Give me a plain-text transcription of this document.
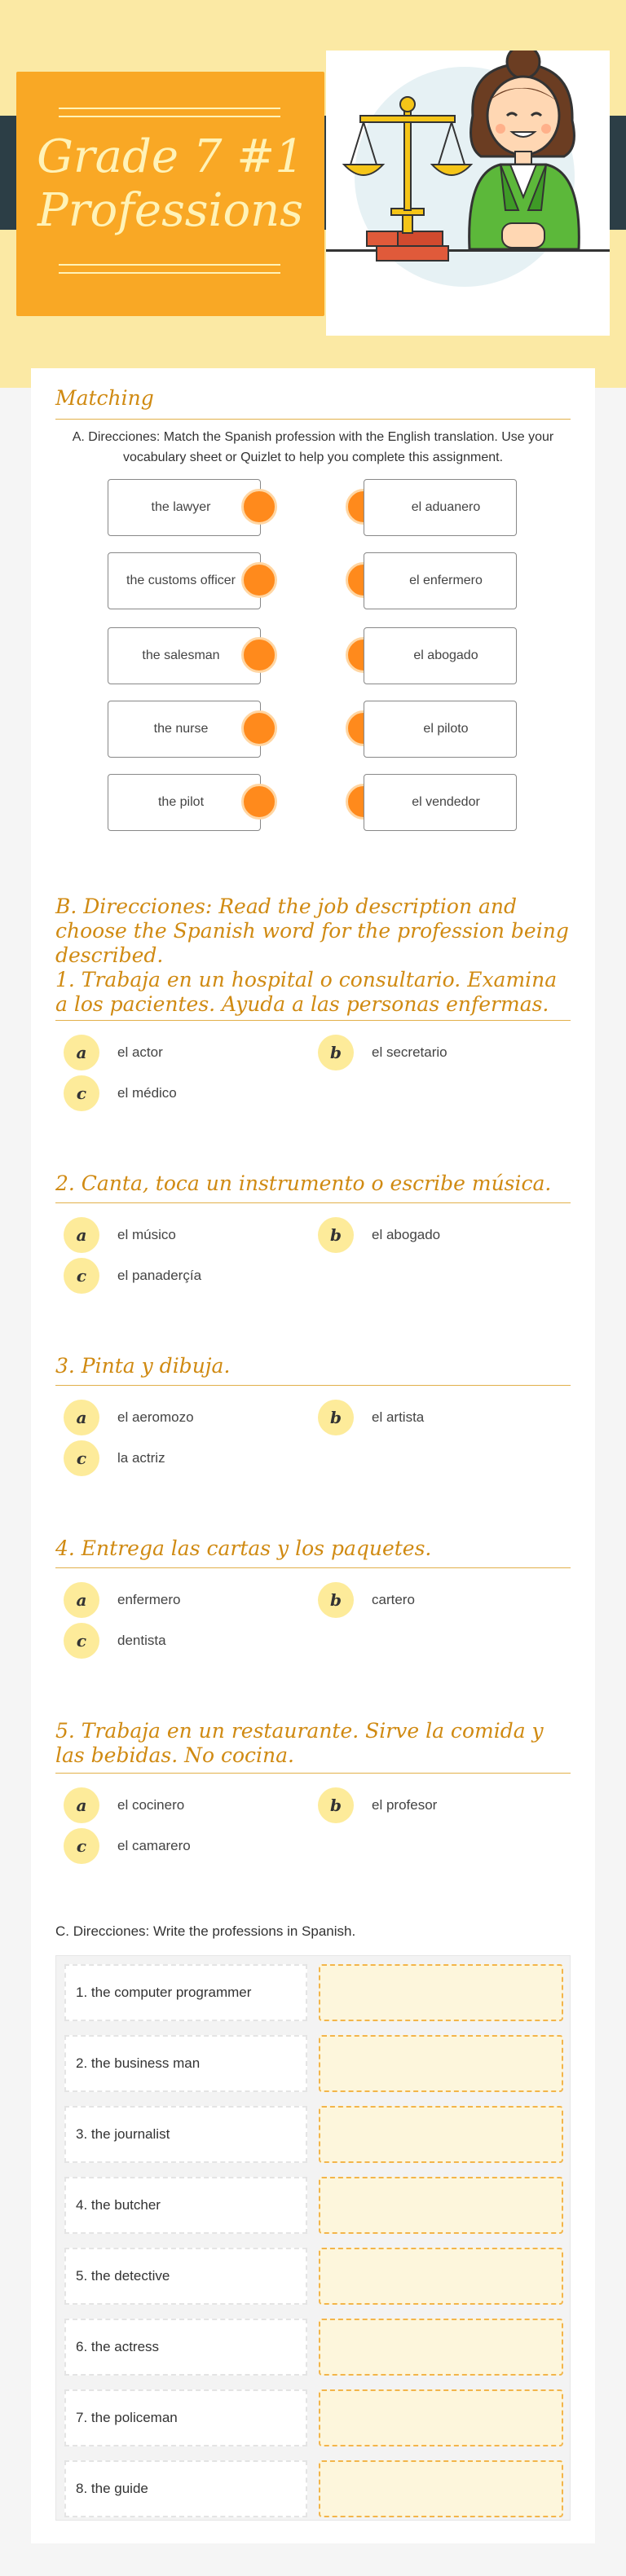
Grade 7 #1
Professions
Matching
A. Direcciones: Match the Spanish profession with the English translation. Use your vocabulary sheet or Quizlet to help you complete this assignment.
the lawyer	el aduanero
the customs officer	el enfermero
the salesman	el abogado
the nurse	el piloto
the pilot	el vendedor
B. Direcciones: Read the job description and choose the Spanish word for the profession being described.
1. Trabaja en un hospital o consultario. Examina a los pacientes. Ayuda a las personas enfermas.
a	el actor	b	el secretario
c	el médico
2. Canta, toca un instrumento o escribe música.
a	el músico	b	el abogado
c	el panaderçía
3. Pinta y dibuja.
a	el aeromozo	b	el artista
c	la actriz
4. Entrega las cartas y los paquetes.
a	enfermero	b	cartero
c	dentista
5. Trabaja en un restaurante. Sirve la comida y las bebidas. No cocina.
a	el cocinero	b	el profesor
c	el camarero
C. Direcciones: Write the professions in Spanish.
1. the computer programmer
2. the business man
3. the journalist
4. the butcher
5. the detective
6. the actress
7. the policeman
8. the guide
